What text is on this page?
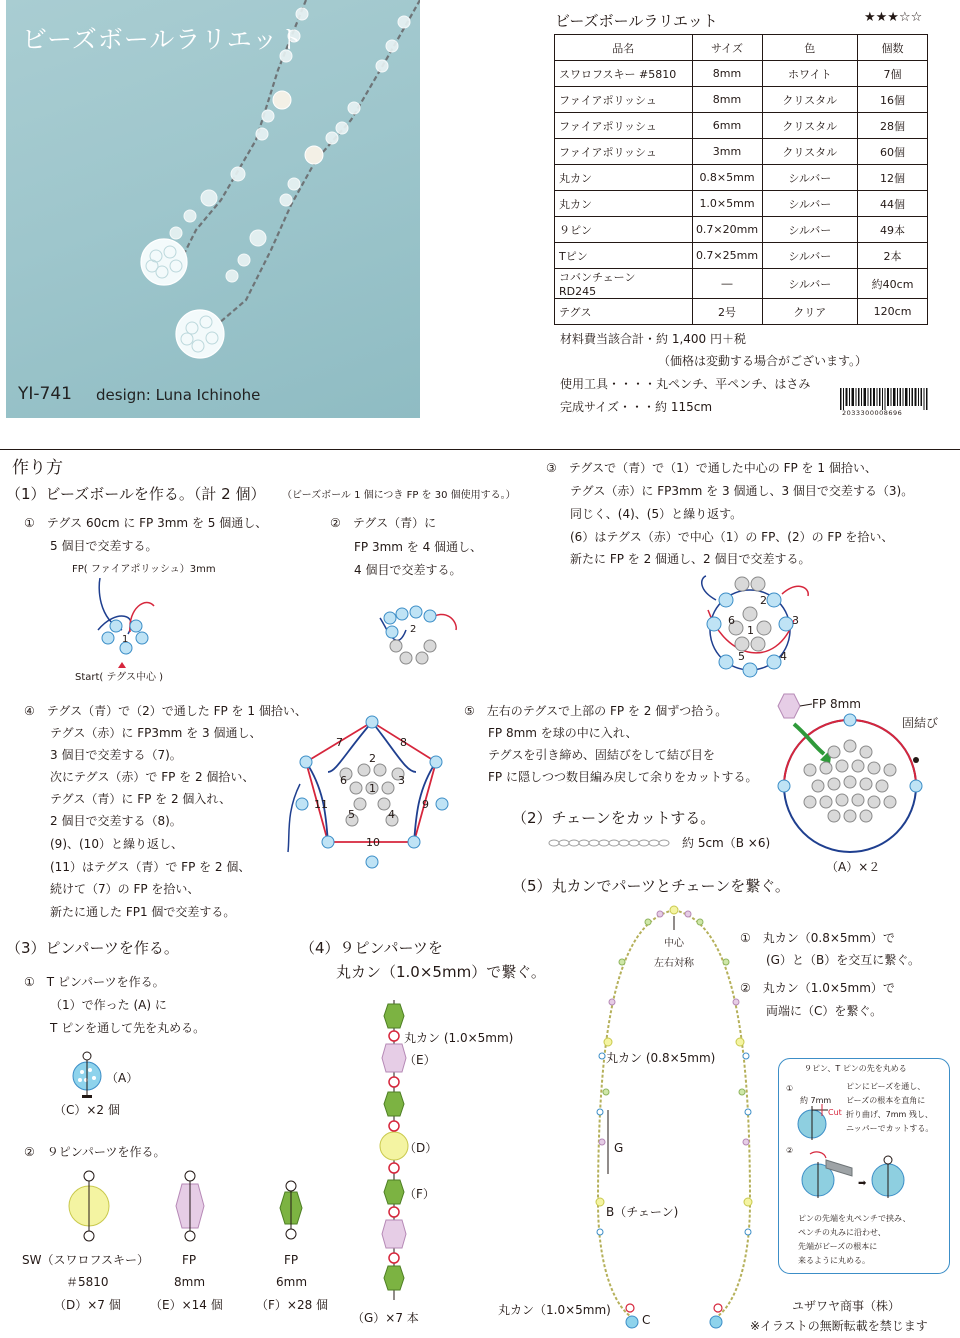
ビーズボールラリエット
YI-741 design: Luna Ichinohe
ビーズボールラリエット	★★★☆☆
品名	サイズ	色	個数
スワロフスキー #5810	8mm	ホワイト	7個
ファイアポリッシュ	8mm	クリスタル	16個
ファイアポリッシュ	6mm	クリスタル	28個
ファイアポリッシュ	3mm	クリスタル	60個
丸カン	0.8×5mm	シルバー	12個
丸カン	1.0×5mm	シルバー	44個
９ピン	0.7×20mm	シルバー	49本
Tピン	0.7×25mm	シルバー	2本
コバンチェーン　　RD245	―	シルバー	約40cm
テグス	2号	クリア	120cm
材料費当該合計・約 1,400 円＋税
（価格は変動する場合がございます。）
使用工具・・・・丸ペンチ、平ペンチ、はさみ
完成サイズ・・・約 115cm	2033300008696
作り方
（1）ビーズボールを作る。（計 2 個） （ビーズボール 1 個につき FP を 30 個使用する。）
①　テグス 60cm に FP 3mm を 5 個通し、
5 個目で交差する。
FP( ファイアポリッシュ）3mm
Start( テグス中心 )
1
②　テグス（青）に
FP 3mm を 4 個通し、
4 個目で交差する。
2
③　テグスで（青）で（1）で通した中心の FP を 1 個拾い、
テグス（赤）に FP3mm を 3 個通し、3 個目で交差する（3)。
同じく、(4)、(5）と繰り返す。
(6）はテグス（赤）で中心（1）の FP、(2）の FP を拾い、
新たに FP を 2 個通し、2 個目で交差する。
1
2
3
4
5
6
④　テグス（青）で（2）で通した FP を 1 個拾い、
テグス（赤）に FP3mm を 3 個通し、
3 個目で交差する（7)。
次にテグス（赤）で FP を 2 個拾い、
テグス（青）に FP を 2 個入れ、
2 個目で交差する（8)。
(9)、(10）と繰り返し、
(11）はテグス（青）で FP を 2 個、
続けて（7）の FP を拾い、
新たに通した FP1 個で交差する。
1
2
3
4
5
6
7	8
9
10
11
⑤　左右のテグスで上部の FP を 2 個ずつ拾う。
FP 8mm を球の中に入れ、
テグスを引き締め、固結びをして結び目を
FP に隠しつつ数目編み戻して余りをカットする。
FP 8mm
固結び
（A）×２
（2）チェーンをカットする。
約 5cm（B ×6)
（5）丸カンでパーツとチェーンを繋ぐ。
（3）ピンパーツを作る。
①　T ピンパーツを作る。
（1）で作った (A) に
T ピンを通して先を丸める。
（A）
（C）×2 個
②　９ピンパーツを作る。
SW（スワロフスキー）
＃5810
（D）×7 個
FP
8mm
（E）×14 個
FP
6mm
（F）×28 個
（4）９ピンパーツを
丸カン（1.0×5mm）で繋ぐ。
丸カン (1.0×5mm)
（E）
（D）
（F）
（G）×7 本
中心
左右対称
丸カン (0.8×5mm)
G
B（チェーン)
丸カン（1.0×5mm)
C
①　丸カン（0.8×5mm）で
(G）と（B）を交互に繋ぐ。
②　丸カン（1.0×5mm）で
両端に（C）を繋ぐ。
９ピン、T ピンの先を丸める
①
約 7mm
Cut
ピンにビーズを通し、
ビーズの根本を直角に
折り曲げ、7mm 残し、
ニッパーでカットする。
②
➡
ピンの先端を丸ペンチで挟み、
ペンチの丸みに沿わせ、
先端がビーズの根本に
来るように丸める。
ユザワヤ商事（株）
※イラストの無断転載を禁じます
